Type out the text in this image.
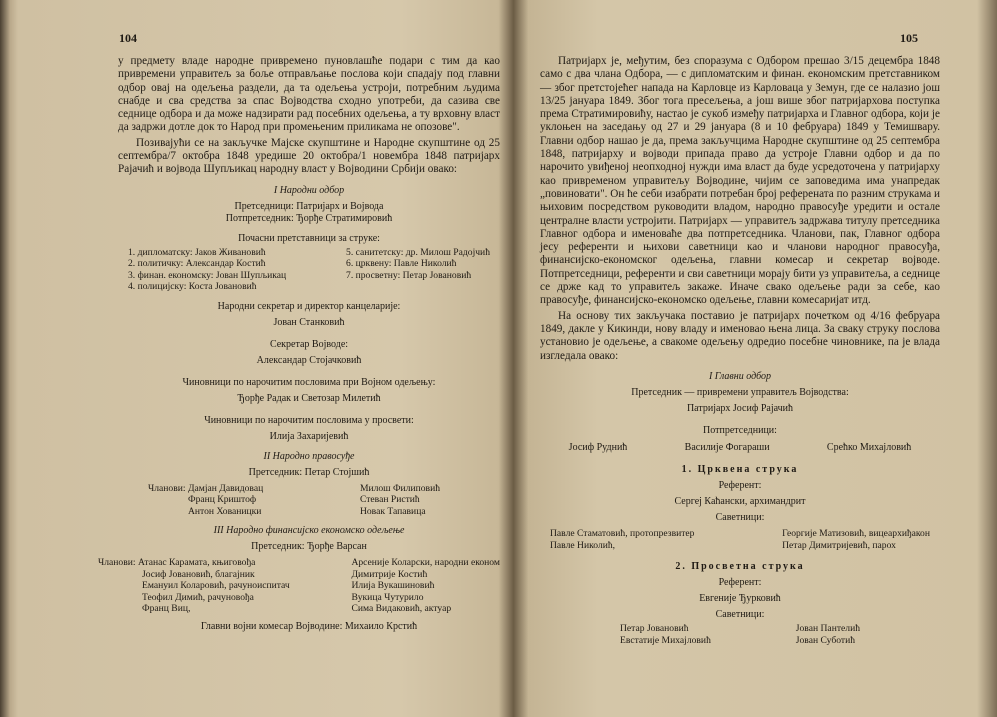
104

у предмету владе народне привремено пуновлашће подари с тим да као привремени управитељ за боље отправљање послова који спадају под главни одбор овај на одељења раздели, да та одељења устроји, потребним људима снабде и сва средства за спас Војводства сходно употреби, да сазива све седнице одбора и да може надзирати рад посебних одељења, а ту врховну власт да задржи дотле док то Народ при промењеним приликама не опозове".

Позивајући се на закључке Мајске скупштине и Народне скупштине од 25 септембра/7 октобра 1848 уредише 20 октобра/1 новембра 1848 патријарх Рајачић и војвода Шупљикац народну власт у Војводини Србији овако:

I Народни одбор
Претседници: Патријарх и Војвода
Потпретседник: Ђорђе Стратимировић
Почасни претставници за струке:
1. дипломатску: Јаков Живановић
2. политичку: Александар Костић
3. финан. економску: Јован Шупљикац
4. полицијску: Коста Јовановић
5. санитетску: др. Милош Радојчић
6. црквену: Павле Николић
7. просветну: Петар Јовановић
Народни секретар и директор канцеларије:
Јован Станковић
Секретар Војводе:
Александар Стојачковић
Чиновници по нарочитим пословима при Војном одељењу:
Ђорђе Радак и Светозар Милетић
Чиновници по нарочитим пословима у просвети:
Илија Захаријевић
II Народно правосуђе
Претседник: Петар Стојшић
Чланови: Дамјан Давидовац
Франц Криштоф
Антон Хованицки
Милош Филиповић
Стеван Ристић
Новак Тапавица
III Народно финансијско економско одељење
Претседник: Ђорђе Варсан
Чланови: Атанас Карамата, књиговођа
Јосиф Јовановић, благајник
Емануил Коларовић, рачуноиспитач
Теофил Димић, рачуновођа
Франц Виц,
Арсеније Коларски, народни економ
Димитрије Костић
Илија Вукашиновић
Вукица Чутурило
Сима Видаковић, актуар
Главни војни комесар Војводине: Михаило Крстић
105

Патријарх је, међутим, без споразума с Одбором прешао 3/15 децембра 1848 само с два члана Одбора, — с дипломатским и финан. економским претставником — због претстојећег напада на Карловце из Карловаца у Земун, где се налазио још 13/25 јануара 1849. Због тога пресељења, а још више због патријархова поступка према Стратимировићу, настао је сукоб између патријарха и Главног одбора, који је уклоњен на заседању од 27 и 29 јануара (8 и 10 фебруара) 1849 у Темишвару. Главни одбор нашао је да, према закључцима Народне скупштине од 25 септембра 1848, патријарху и војводи припада право да устроје Главни одбор и да по нарочито увиђеној неопходној нужди има власт да буде усредоточена у патријарху као привременом управитељу Војводине, чијим се заповедима има унапредак „повиновати". Он ће себи изабрати потребан број референата по разним струкама и њиховим посредством руководити владом, народно правосуђе уредити и остале централне власти устројити. Патријарх — управитељ задржава титулу претседника Главног одбора и именоваће два потпретседника. Чланови, пак, Главног одбора јесу референти и њихови саветници као и чланови народног правосуђа, финансијско-економског одељења, главни комесар и секретар војводе. Потпретседници, референти и сви саветници морају бити уз управитеља, а седнице се држе кад то управитељ закаже. Иначе свако одељење ради за себе, као правосуђе, финансијско-економско одељење, главни комесаријат итд.

На основу тих закључака поставио је патријарх почетком од 4/16 фебруара 1849, дакле у Кикинди, нову владу и именовао њена лица. За сваку струку послова установио је одељење, а свакоме одељењу одредио посебне чиновнике, па је влада изгледала овако:

I Главни одбор
Претседник — привремени управитељ Војводства:
Патријарх Јосиф Рајачић
Потпретседници:
Јосиф Руднић	Василије Фогараши	Срећко Михајловић
1. Црквена струка
Референт:
Сергеј Каћански, архимандрит
Саветници:
Павле Стаматовић, протопрезвитер
Павле Николић,
Георгије Матизовић, вицеархиђакон
Петар Димитријевић, парох
2. Просветна струка
Референт:
Евгеније Ђурковић
Саветници:
Петар Јовановић
Евстатије Михајловић
Јован Пантелић
Јован Суботић
